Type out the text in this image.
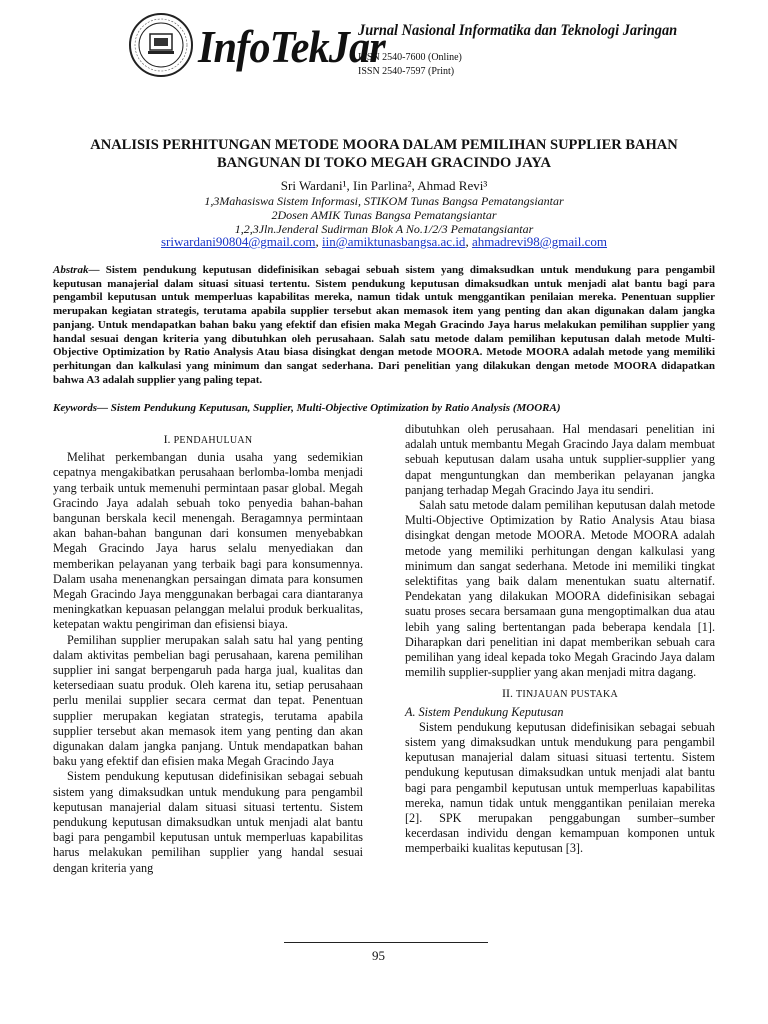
InfoTekJar
Jurnal Nasional Informatika dan Teknologi Jaringan
ISSN 2540-7600 (Online)
ISSN 2540-7597 (Print)
ANALISIS PERHITUNGAN METODE MOORA DALAM PEMILIHAN SUPPLIER BAHAN
BANGUNAN DI TOKO MEGAH GRACINDO JAYA
Sri Wardani¹, Iin Parlina², Ahmad Revi³
1,3Mahasiswa Sistem Informasi, STIKOM Tunas Bangsa Pematangsiantar
2Dosen AMIK Tunas Bangsa Pematangsiantar
1,2,3Jln.Jenderal Sudirman Blok A No.1/2/3 Pematangsiantar
sriwardani90804@gmail.com, iin@amiktunasbangsa.ac.id, ahmadrevi98@gmail.com
Abstrak— Sistem pendukung keputusan didefinisikan sebagai sebuah sistem yang dimaksudkan untuk mendukung para pengambil keputusan manajerial dalam situasi situasi tertentu. Sistem pendukung keputusan dimaksudkan untuk menjadi alat bantu bagi para pengambil keputusan untuk memperluas kapabilitas mereka, namun tidak untuk menggantikan penilaian mereka. Penentuan supplier merupakan kegiatan strategis, terutama apabila supplier tersebut akan memasok item yang penting dan akan digunakan dalam jangka panjang. Untuk mendapatkan bahan baku yang efektif dan efisien maka Megah Gracindo Jaya harus melakukan pemilihan supplier yang handal sesuai dengan kriteria yang dibutuhkan oleh perusahaan. Salah satu metode dalam pemilihan keputusan dalah metode Multi-Objective Optimization by Ratio Analysis Atau biasa disingkat dengan metode MOORA. Metode MOORA adalah metode yang memiliki perhitungan dan kalkulasi yang minimum dan sangat sederhana. Dari penelitian yang dilakukan dengan metode MOORA didapatkan bahwa A3 adalah supplier yang paling tepat.
Keywords— Sistem Pendukung Keputusan, Supplier, Multi-Objective Optimization by Ratio Analysis (MOORA)
I. PENDAHULUAN

Melihat perkembangan dunia usaha yang sedemikian cepatnya mengakibatkan perusahaan berlomba-lomba menjadi yang terbaik untuk memenuhi permintaan pasar global. Megah Gracindo Jaya adalah sebuah toko penyedia bahan-bahan bangunan berskala kecil menengah. Beragamnya permintaan akan bahan-bahan bangunan dari konsumen menyebabkan Megah Gracindo Jaya harus selalu menyediakan dan memberikan pelayanan yang terbaik bagi para konsumennya. Dalam usaha menenangkan persaingan dimata para konsumen Megah Gracindo Jaya menggunakan berbagai cara diantaranya meningkatkan kepuasan pelanggan melalui produk berkualitas, ketepatan waktu pengiriman dan efisiensi biaya.

Pemilihan supplier merupakan salah satu hal yang penting dalam aktivitas pembelian bagi perusahaan, karena pemilihan supplier ini sangat berpengaruh pada harga jual, kualitas dan ketersediaan suatu produk. Oleh karena itu, setiap perusahaan perlu menilai supplier secara cermat dan tepat. Penentuan supplier merupakan kegiatan strategis, terutama apabila supplier tersebut akan memasok item yang penting dan akan digunakan dalam jangka panjang. Untuk mendapatkan bahan baku yang efektif dan efisien maka Megah Gracindo Jaya

Sistem pendukung keputusan didefinisikan sebagai sebuah sistem yang dimaksudkan untuk mendukung para pengambil keputusan manajerial dalam situasi situasi tertentu. Sistem pendukung keputusan dimaksudkan untuk menjadi alat bantu bagi para pengambil keputusan untuk memperluas kapabilitas harus melakukan pemilihan supplier yang handal sesuai dengan kriteria yang

dibutuhkan oleh perusahaan. Hal mendasari penelitian ini adalah untuk membantu Megah Gracindo Jaya dalam membuat sebuah keputusan dalam usaha untuk supplier-supplier yang dapat menguntungkan dan memberikan pelayanan jangka panjang terhadap Megah Gracindo Jaya itu sendiri.

Salah satu metode dalam pemilihan keputusan dalah metode Multi-Objective Optimization by Ratio Analysis Atau biasa disingkat dengan metode MOORA. Metode MOORA adalah metode yang memiliki perhitungan dengan kalkulasi yang minimum dan sangat sederhana. Metode ini memiliki tingkat selektifitas yang baik dalam menentukan suatu alternatif. Pendekatan yang dilakukan MOORA didefinisikan sebagai suatu proses secara bersamaan guna mengoptimalkan dua atau lebih yang saling bertentangan pada beberapa kendala [1]. Diharapkan dari penelitian ini dapat memberikan sebuah cara pemilihan yang ideal kepada toko Megah Gracindo Jaya dalam memilih supplier-supplier yang akan menjadi mitra dagang.

II. TINJAUAN PUSTAKA
A. Sistem Pendukung Keputusan

Sistem pendukung keputusan didefinisikan sebagai sebuah sistem yang dimaksudkan untuk mendukung para pengambil keputusan manajerial dalam situasi situasi tertentu. Sistem pendukung keputusan dimaksudkan untuk menjadi alat bantu bagi para pengambil keputusan untuk memperluas kapabilitas mereka, namun tidak untuk menggantikan penilaian mereka [2]. SPK merupakan penggabungan sumber–sumber kecerdasan individu dengan kemampuan komponen untuk memperbaiki kualitas keputusan [3].

95
